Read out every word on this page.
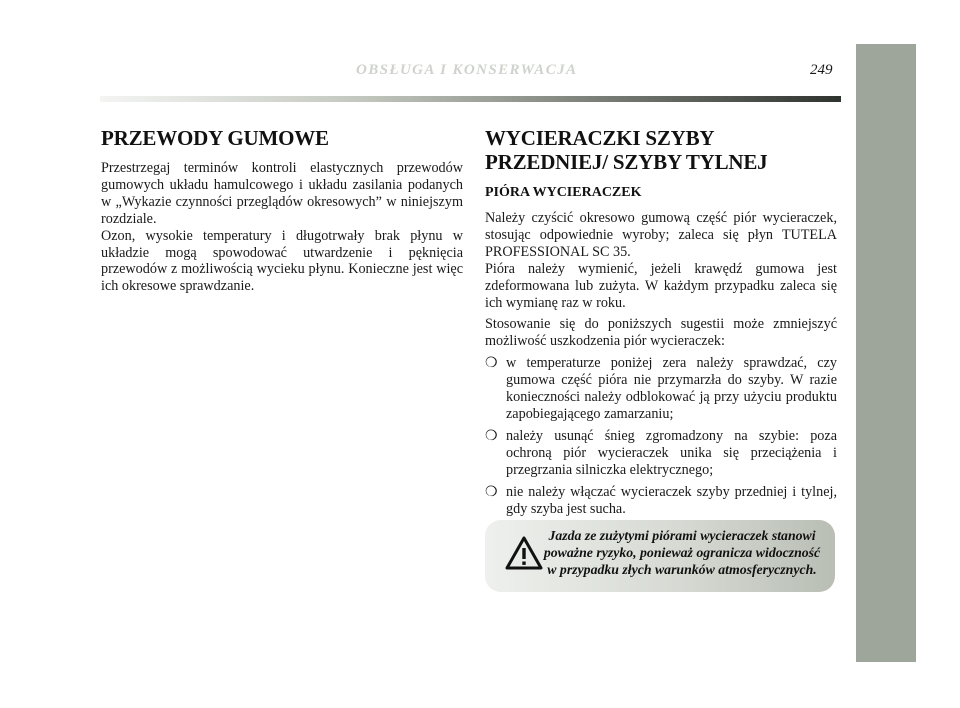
OBSŁUGA I KONSERWACJA	249
PRZEWODY GUMOWE

Przestrzegaj terminów kontroli elastycznych przewodów gumowych układu hamulcowego i układu zasilania podanych w „Wykazie czynności przeglądów okresowych” w niniejszym rozdziale.

Ozon, wysokie temperatury i długotrwały brak płynu w układzie mogą spowodować utwardzenie i pęknięcia przewodów z możliwością wycieku płynu. Konieczne jest więc ich okresowe sprawdzanie.

WYCIERACZKI SZYBY PRZEDNIEJ/ SZYBY TYLNEJ
PIÓRA WYCIERACZEK

Należy czyścić okresowo gumową część piór wycieraczek, stosując odpowiednie wyroby; zaleca się płyn TUTELA PROFESSIONAL SC 35.

Pióra należy wymienić, jeżeli krawędź gumowa jest zdeformowana lub zużyta. W każdym przypadku zaleca się ich wymianę raz w roku.

Stosowanie się do poniższych sugestii może zmniejszyć możliwość uszkodzenia piór wycieraczek:

❍ w temperaturze poniżej zera należy sprawdzać, czy gumowa część pióra nie przymarzła do szyby. W razie konieczności należy odblokować ją przy użyciu produktu zapobiegającego zamarzaniu;
❍ należy usunąć śnieg zgromadzony na szybie: poza ochroną piór wycieraczek unika się przeciążenia i przegrzania silniczka elektrycznego;
❍ nie należy włączać wycieraczek szyby przedniej i tylnej, gdy szyba jest sucha.
Jazda ze zużytymi piórami wycieraczek stanowi poważne ryzyko, ponieważ ogranicza widoczność w przypadku złych warunków atmosferycznych.
